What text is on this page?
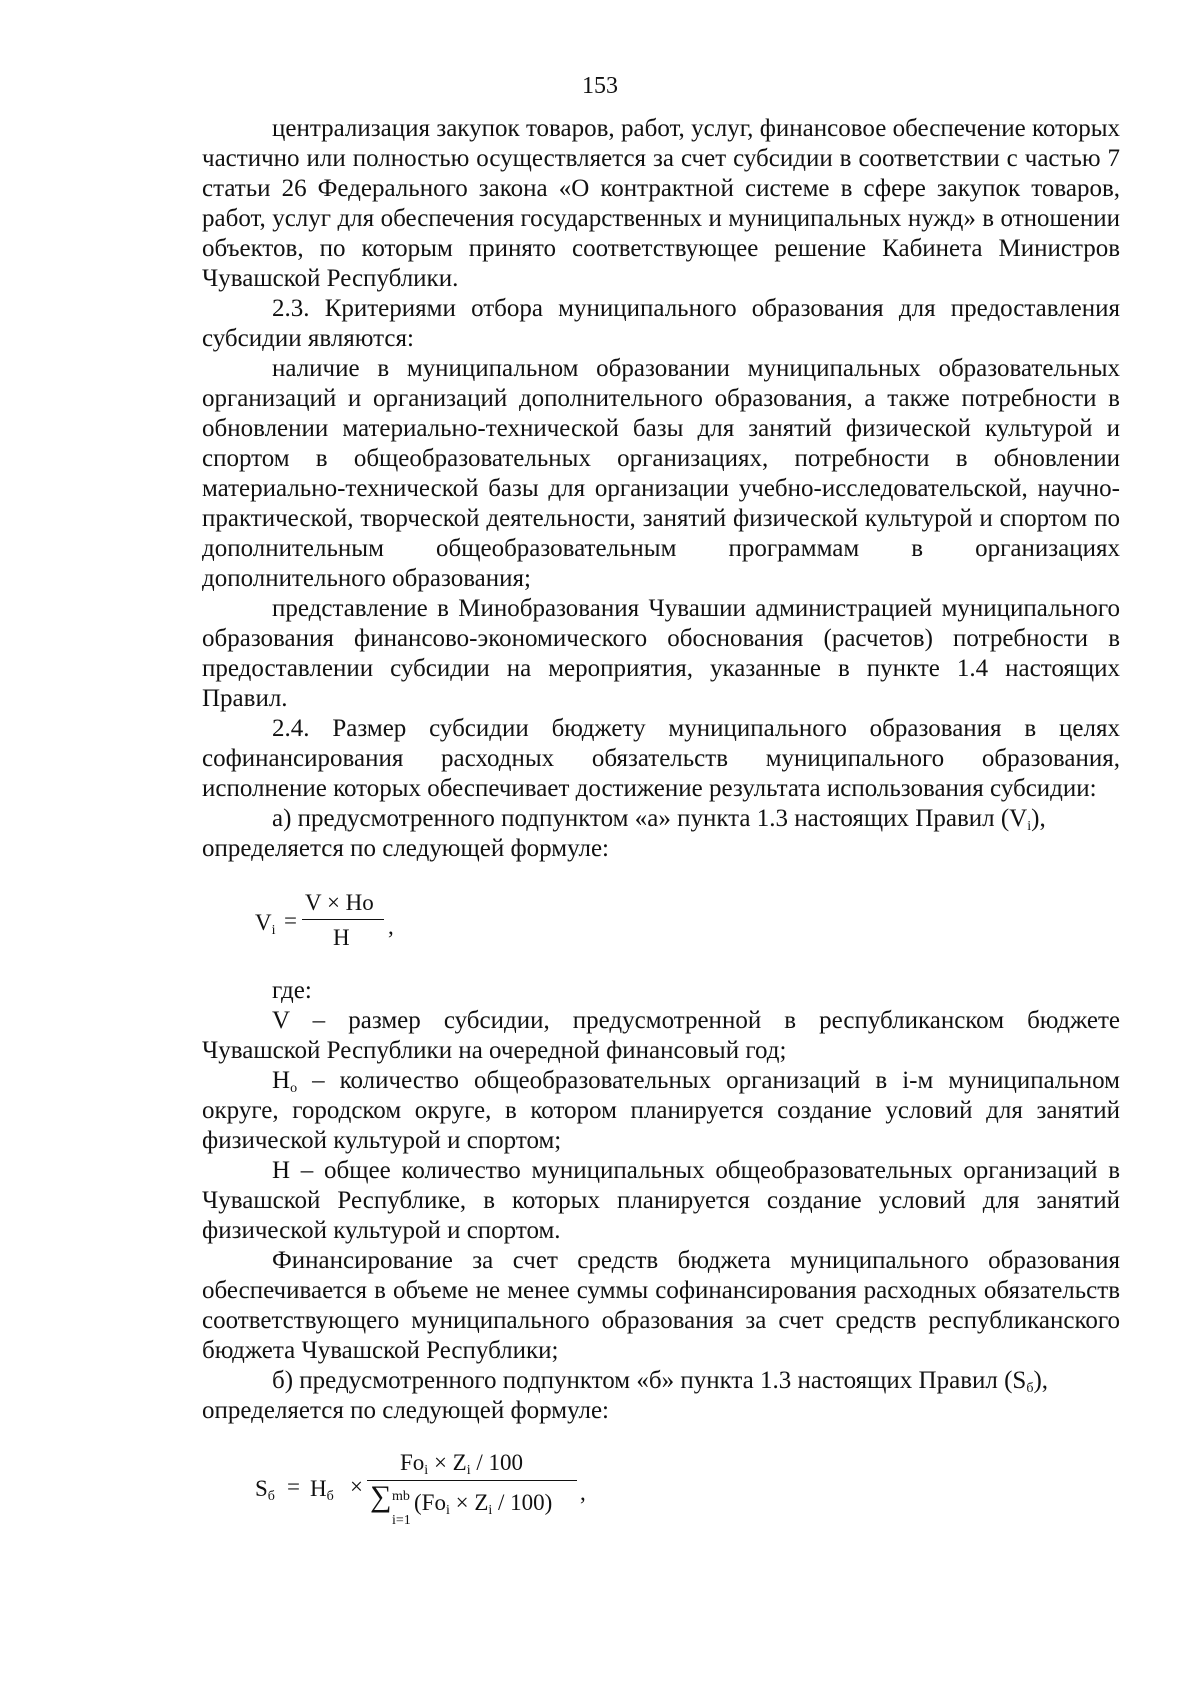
153

централизация закупок товаров, работ, услуг, финансовое обеспечение которых частично или полностью осуществляется за счет субсидии в соответствии с частью 7 статьи 26 Федерального закона «О контрактной системе в сфере закупок товаров, работ, услуг для обеспечения государственных и муниципальных нужд» в отношении объектов, по которым принято соответствующее решение Кабинета Министров Чувашской Республики.

2.3. Критериями отбора муниципального образования для предоставления субсидии являются:

наличие в муниципальном образовании муниципальных образовательных организаций и организаций дополнительного образования, а также потребности в обновлении материально-технической базы для занятий физической культурой и спортом в общеобразовательных организациях, потребности в обновлении материально-технической базы для организации учебно-исследовательской, научно-практической, творческой деятельности, занятий физической культурой и спортом по дополнительным общеобразовательным программам в организациях дополнительного образования;

представление в Минобразования Чувашии администрацией муниципального образования финансово-экономического обоснования (расчетов) потребности в предоставлении субсидии на мероприятия, указанные в пункте 1.4 настоящих Правил.

2.4. Размер субсидии бюджету муниципального образования в целях софинансирования расходных обязательств муниципального образования, исполнение которых обеспечивает достижение результата использования субсидии:

а) предусмотренного подпунктом «а» пункта 1.3 настоящих Правил $(V_i)$,

определяется по следующей формуле:

$V_i$ =
V × Ho
H ,

где:

V – размер субсидии, предусмотренной в республиканском бюджете Чувашской Республики на очередной финансовый год;

$Н_о$ – количество общеобразовательных организаций в i-м муниципальном округе, городском округе, в котором планируется создание условий для занятий физической культурой и спортом;

Н – общее количество муниципальных общеобразовательных организаций в Чувашской Республике, в которых планируется создание условий для занятий физической культурой и спортом.

Финансирование за счет средств бюджета муниципального образования обеспечивается в объеме не менее суммы софинансирования расходных обязательств соответствующего муниципального образования за счет средств республиканского бюджета Чувашской Республики;

б) предусмотренного подпунктом «б» пункта 1.3 настоящих Правил $(S_б)$,

определяется по следующей формуле:

$S_б = H_б$ ×
$Fo_i \times Z_i / 100$
∑ mb
i=1
$(Fo_i \times Z_i / 100)$ ,
